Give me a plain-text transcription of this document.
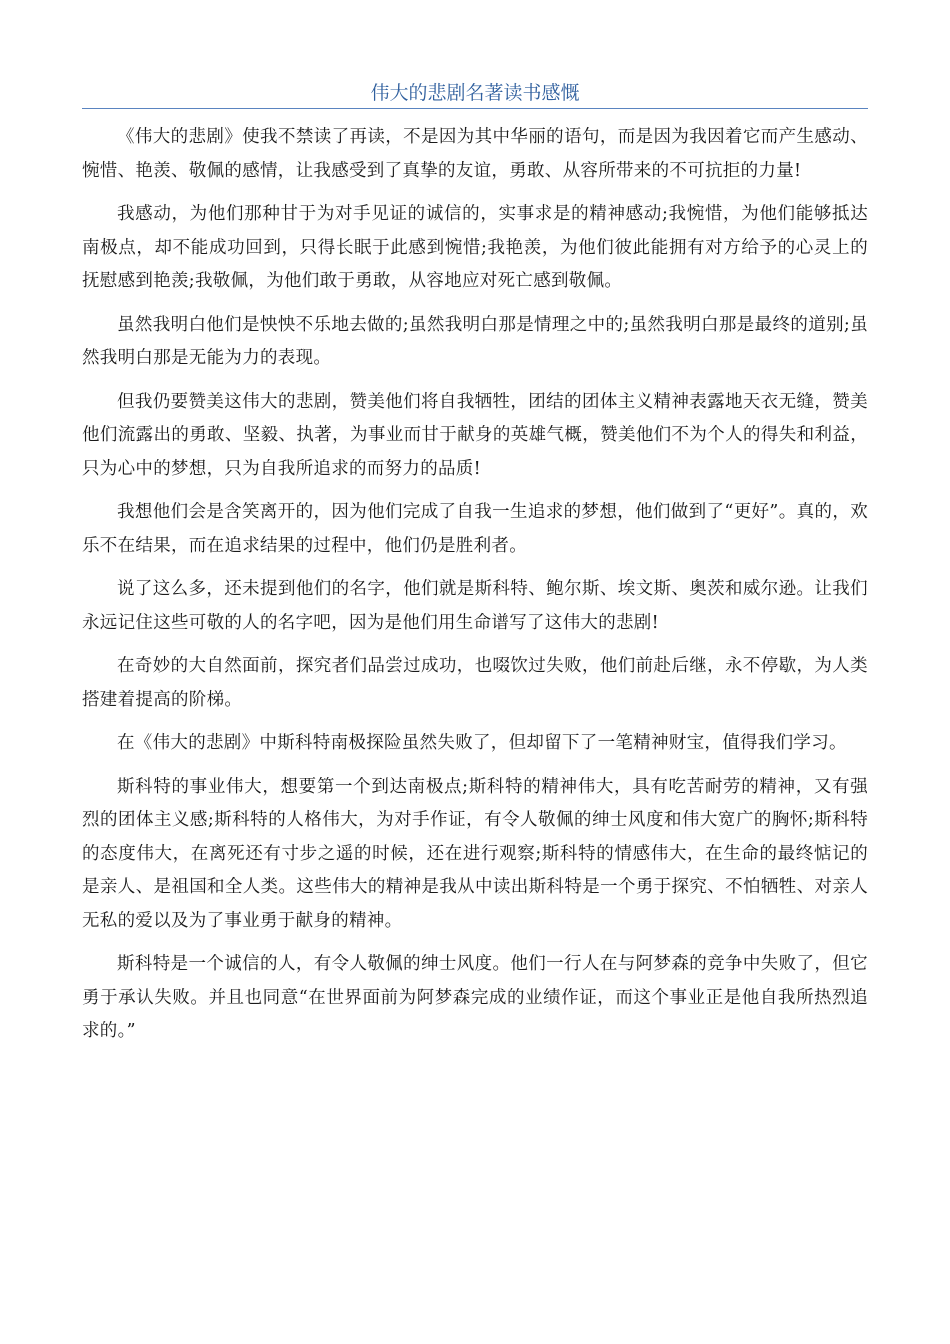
伟大的悲剧名著读书感慨

《伟大的悲剧》使我不禁读了再读，不是因为其中华丽的语句，而是因为我因着它而产生感动、惋惜、艳羡、敬佩的感情，让我感受到了真挚的友谊，勇敢、从容所带来的不可抗拒的力量!

我感动，为他们那种甘于为对手见证的诚信的，实事求是的精神感动;我惋惜，为他们能够抵达南极点，却不能成功回到，只得长眠于此感到惋惜;我艳羡，为他们彼此能拥有对方给予的心灵上的抚慰感到艳羡;我敬佩，为他们敢于勇敢，从容地应对死亡感到敬佩。

虽然我明白他们是怏怏不乐地去做的;虽然我明白那是情理之中的;虽然我明白那是最终的道别;虽然我明白那是无能为力的表现。

但我仍要赞美这伟大的悲剧，赞美他们将自我牺牲，团结的团体主义精神表露地天衣无缝，赞美他们流露出的勇敢、坚毅、执著，为事业而甘于献身的英雄气概，赞美他们不为个人的得失和利益，只为心中的梦想，只为自我所追求的而努力的品质!

我想他们会是含笑离开的，因为他们完成了自我一生追求的梦想，他们做到了“更好”。真的，欢乐不在结果，而在追求结果的过程中，他们仍是胜利者。

说了这么多，还未提到他们的名字，他们就是斯科特、鲍尔斯、埃文斯、奥茨和威尔逊。让我们永远记住这些可敬的人的名字吧，因为是他们用生命谱写了这伟大的悲剧!

在奇妙的大自然面前，探究者们品尝过成功，也啜饮过失败，他们前赴后继，永不停歇，为人类搭建着提高的阶梯。

在《伟大的悲剧》中斯科特南极探险虽然失败了，但却留下了一笔精神财宝，值得我们学习。

斯科特的事业伟大，想要第一个到达南极点;斯科特的精神伟大，具有吃苦耐劳的精神，又有强烈的团体主义感;斯科特的人格伟大，为对手作证，有令人敬佩的绅士风度和伟大宽广的胸怀;斯科特的态度伟大，在离死还有寸步之遥的时候，还在进行观察;斯科特的情感伟大，在生命的最终惦记的是亲人、是祖国和全人类。这些伟大的精神是我从中读出斯科特是一个勇于探究、不怕牺牲、对亲人无私的爱以及为了事业勇于献身的精神。

斯科特是一个诚信的人，有令人敬佩的绅士风度。他们一行人在与阿梦森的竞争中失败了，但它勇于承认失败。并且也同意“在世界面前为阿梦森完成的业绩作证，而这个事业正是他自我所热烈追求的。”
